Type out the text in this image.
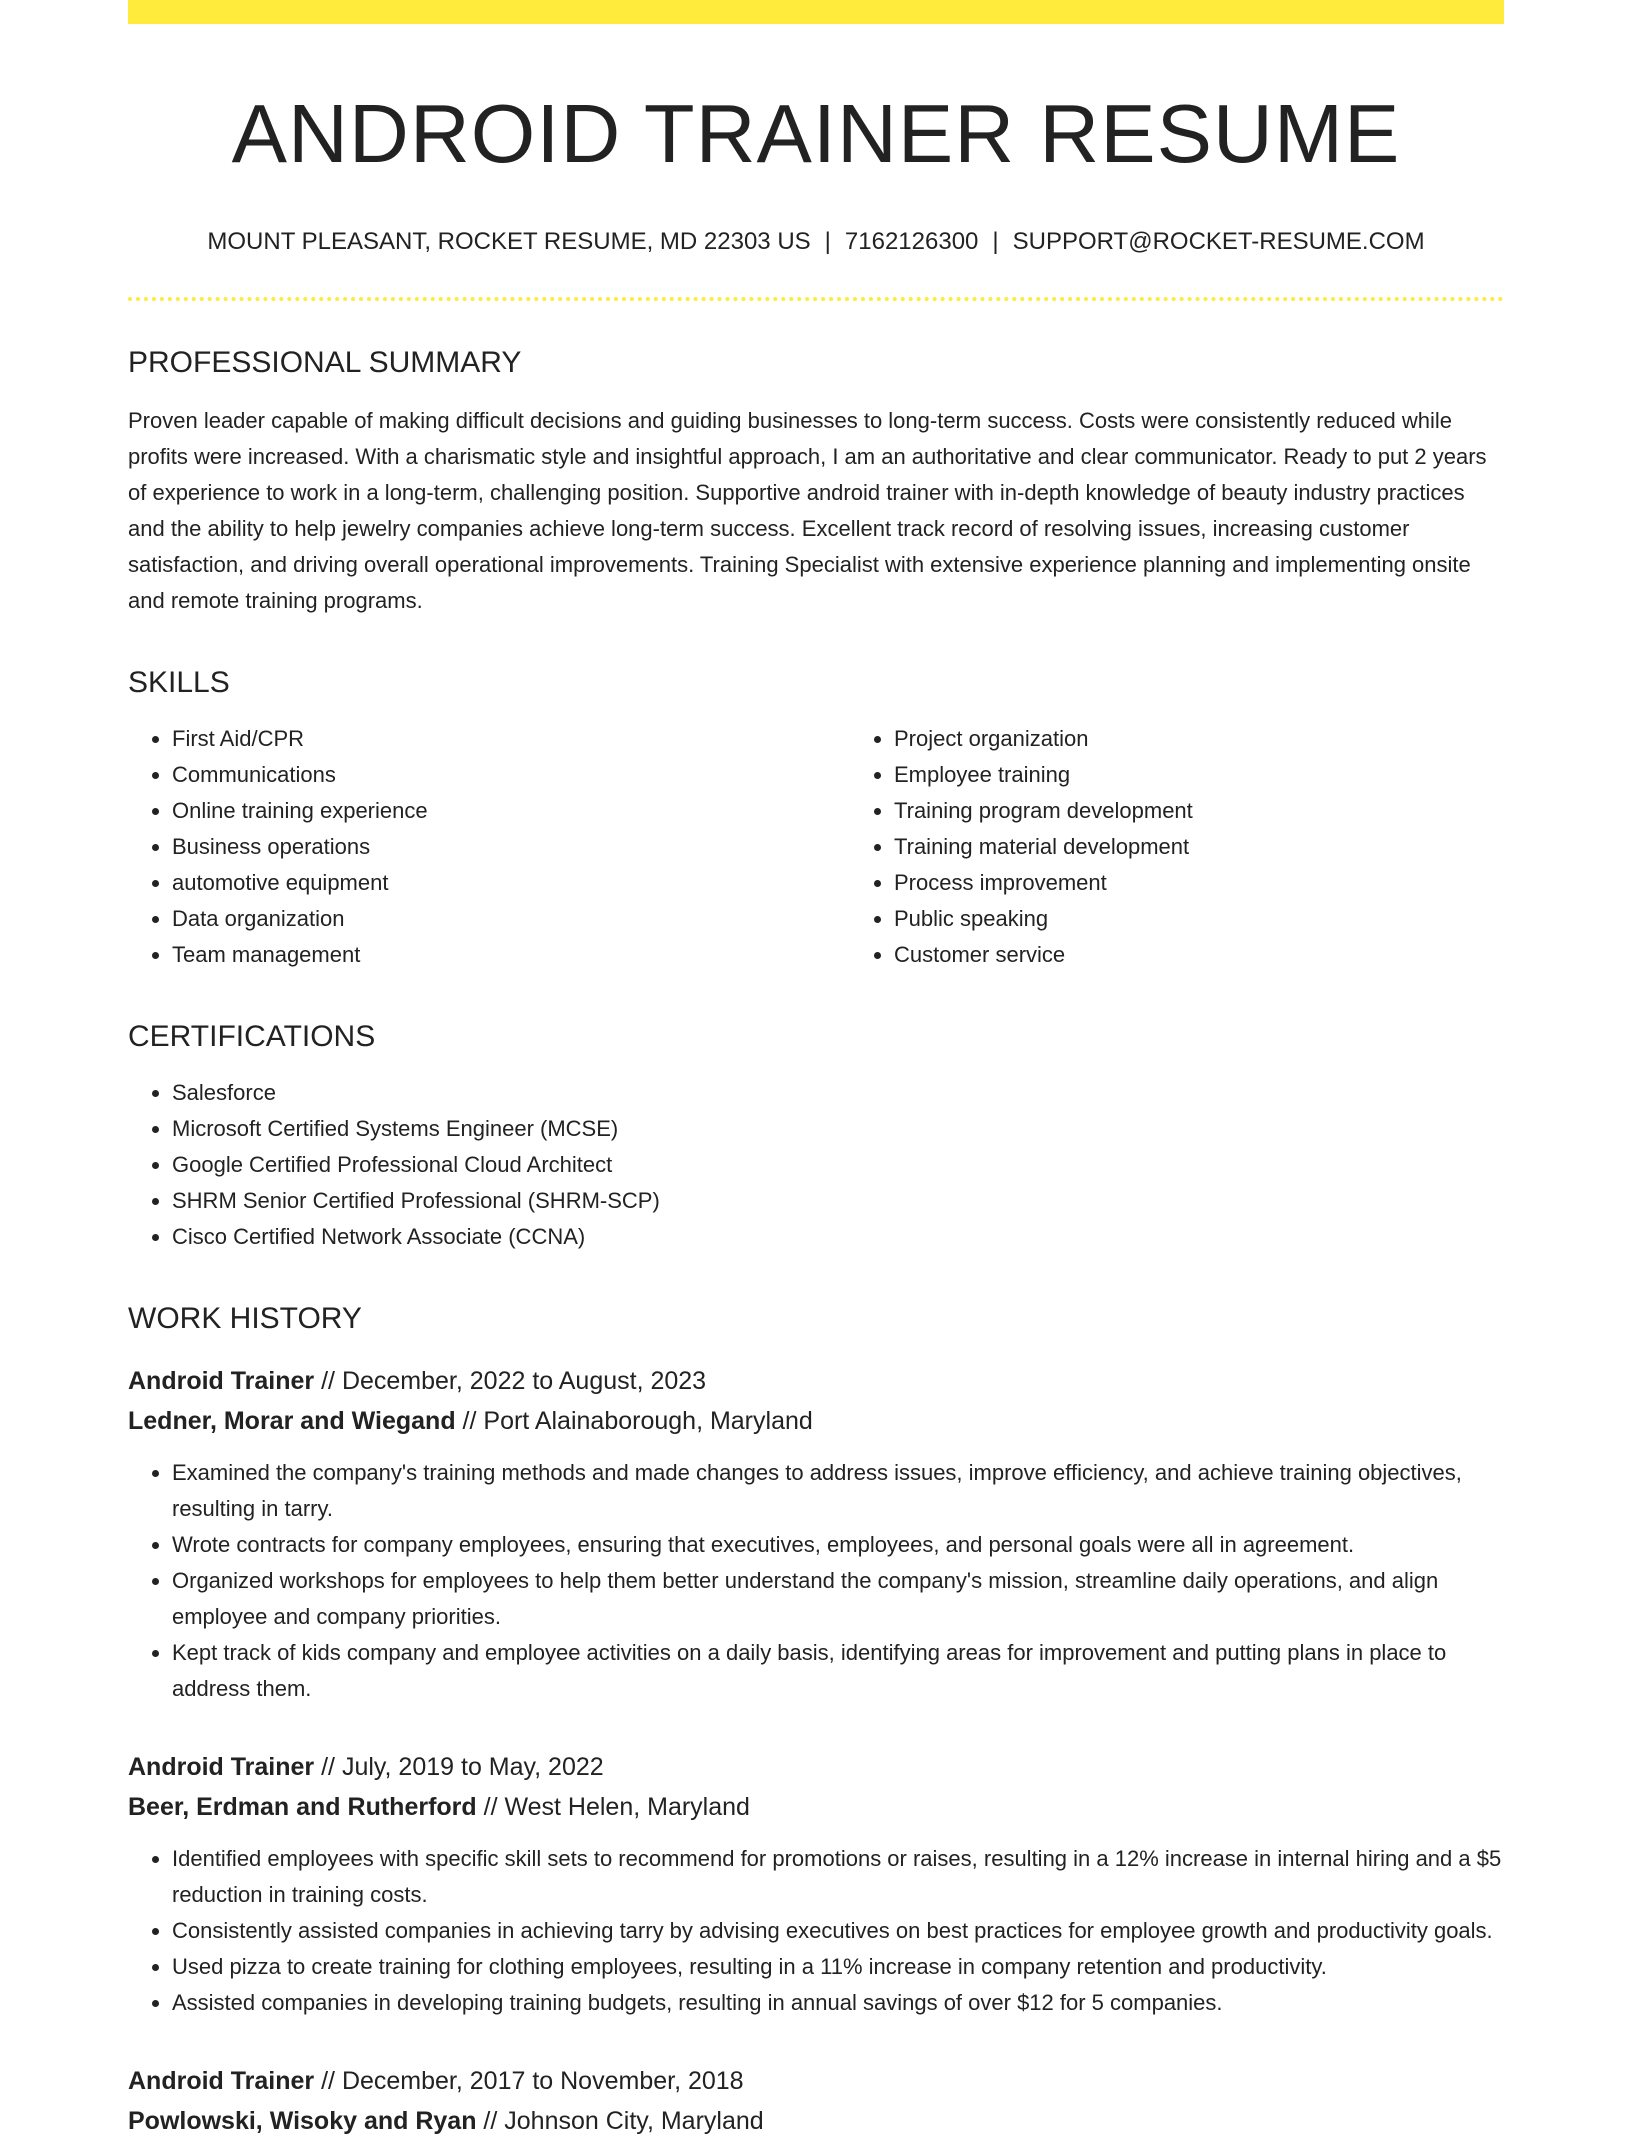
ANDROID TRAINER RESUME
MOUNT PLEASANT, ROCKET RESUME, MD 22303 US | 7162126300 | SUPPORT@ROCKET-RESUME.COM
PROFESSIONAL SUMMARY

Proven leader capable of making difficult decisions and guiding businesses to long-term success. Costs were consistently reduced while profits were increased. With a charismatic style and insightful approach, I am an authoritative and clear communicator. Ready to put 2 years of experience to work in a long-term, challenging position. Supportive android trainer with in-depth knowledge of beauty industry practices and the ability to help jewelry companies achieve long-term success. Excellent track record of resolving issues, increasing customer satisfaction, and driving overall operational improvements. Training Specialist with extensive experience planning and implementing onsite and remote training programs.

SKILLS
• First Aid/CPR
• Communications
• Online training experience
• Business operations
• automotive equipment
• Data organization
• Team management
• Project organization
• Employee training
• Training program development
• Training material development
• Process improvement
• Public speaking
• Customer service
CERTIFICATIONS
• Salesforce
• Microsoft Certified Systems Engineer (MCSE)
• Google Certified Professional Cloud Architect
• SHRM Senior Certified Professional (SHRM-SCP)
• Cisco Certified Network Associate (CCNA)
WORK HISTORY
Android Trainer // December, 2022 to August, 2023
Ledner, Morar and Wiegand // Port Alainaborough, Maryland
• Examined the company's training methods and made changes to address issues, improve efficiency, and achieve training objectives, resulting in tarry.
• Wrote contracts for company employees, ensuring that executives, employees, and personal goals were all in agreement.
• Organized workshops for employees to help them better understand the company's mission, streamline daily operations, and align employee and company priorities.
• Kept track of kids company and employee activities on a daily basis, identifying areas for improvement and putting plans in place to address them.
Android Trainer // July, 2019 to May, 2022
Beer, Erdman and Rutherford // West Helen, Maryland
• Identified employees with specific skill sets to recommend for promotions or raises, resulting in a 12% increase in internal hiring and a $5 reduction in training costs.
• Consistently assisted companies in achieving tarry by advising executives on best practices for employee growth and productivity goals.
• Used pizza to create training for clothing employees, resulting in a 11% increase in company retention and productivity.
• Assisted companies in developing training budgets, resulting in annual savings of over $12 for 5 companies.
Android Trainer // December, 2017 to November, 2018
Powlowski, Wisoky and Ryan // Johnson City, Maryland
